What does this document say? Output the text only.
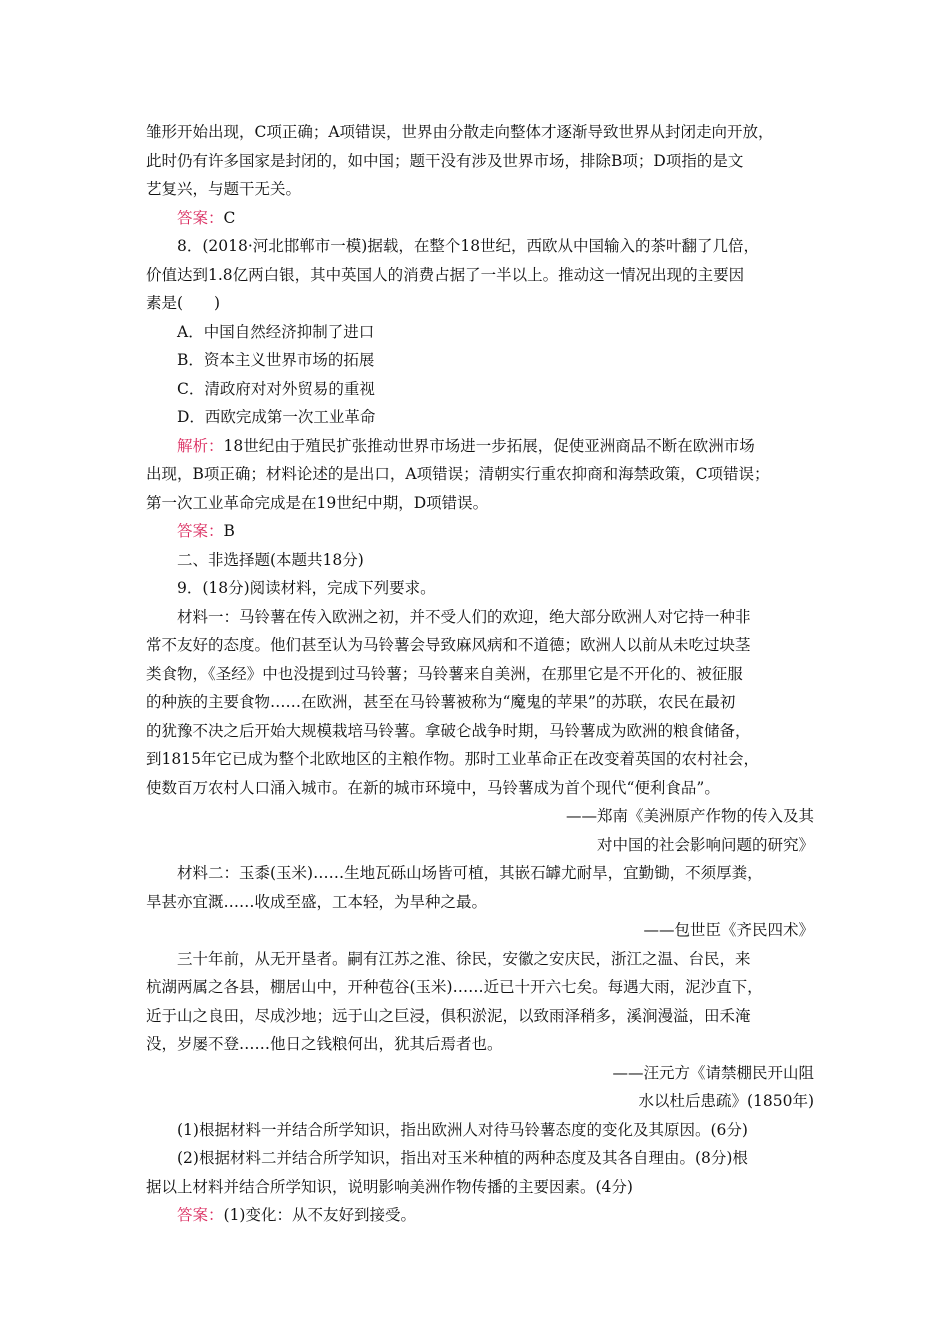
雏形开始出现，C项正确；A项错误，世界由分散走向整体才逐渐导致世界从封闭走向开放，

此时仍有许多国家是封闭的，如中国；题干没有涉及世界市场，排除B项；D项指的是文

艺复兴，与题干无关。

答案：C

8．(2018·河北邯郸市一模)据载，在整个18世纪，西欧从中国输入的茶叶翻了几倍，

价值达到1.8亿两白银，其中英国人的消费占据了一半以上。推动这一情况出现的主要因

素是(　　)

A．中国自然经济抑制了进口

B．资本主义世界市场的拓展

C．清政府对对外贸易的重视

D．西欧完成第一次工业革命

解析：18世纪由于殖民扩张推动世界市场进一步拓展，促使亚洲商品不断在欧洲市场

出现，B项正确；材料论述的是出口，A项错误；清朝实行重农抑商和海禁政策，C项错误；

第一次工业革命完成是在19世纪中期，D项错误。

答案：B

二、非选择题(本题共18分)

9．(18分)阅读材料，完成下列要求。

材料一：马铃薯在传入欧洲之初，并不受人们的欢迎，绝大部分欧洲人对它持一种非

常不友好的态度。他们甚至认为马铃薯会导致麻风病和不道德；欧洲人以前从未吃过块茎

类食物，《圣经》中也没提到过马铃薯；马铃薯来自美洲，在那里它是不开化的、被征服

的种族的主要食物……在欧洲，甚至在马铃薯被称为“魔鬼的苹果”的苏联，农民在最初

的犹豫不决之后开始大规模栽培马铃薯。拿破仑战争时期，马铃薯成为欧洲的粮食储备，

到1815年它已成为整个北欧地区的主粮作物。那时工业革命正在改变着英国的农村社会，

使数百万农村人口涌入城市。在新的城市环境中，马铃薯成为首个现代“便利食品”。

——郑南《美洲原产作物的传入及其

对中国的社会影响问题的研究》

材料二：玉黍(玉米)……生地瓦砾山场皆可植，其嵌石罅尤耐旱，宜勤锄，不须厚粪，

旱甚亦宜溉……收成至盛，工本轻，为旱种之最。

——包世臣《齐民四术》

三十年前，从无开垦者。嗣有江苏之淮、徐民，安徽之安庆民，浙江之温、台民，来

杭湖两属之各县，棚居山中，开种苞谷(玉米)……近已十开六七矣。每遇大雨，泥沙直下，

近于山之良田，尽成沙地；远于山之巨浸，俱积淤泥，以致雨泽稍多，溪涧漫溢，田禾淹

没，岁屡不登……他日之钱粮何出，犹其后焉者也。

——汪元方《请禁棚民开山阻

水以杜后患疏》(1850年)

(1)根据材料一并结合所学知识，指出欧洲人对待马铃薯态度的变化及其原因。(6分)

(2)根据材料二并结合所学知识，指出对玉米种植的两种态度及其各自理由。(8分)根

据以上材料并结合所学知识，说明影响美洲作物传播的主要因素。(4分)

答案：(1)变化：从不友好到接受。
